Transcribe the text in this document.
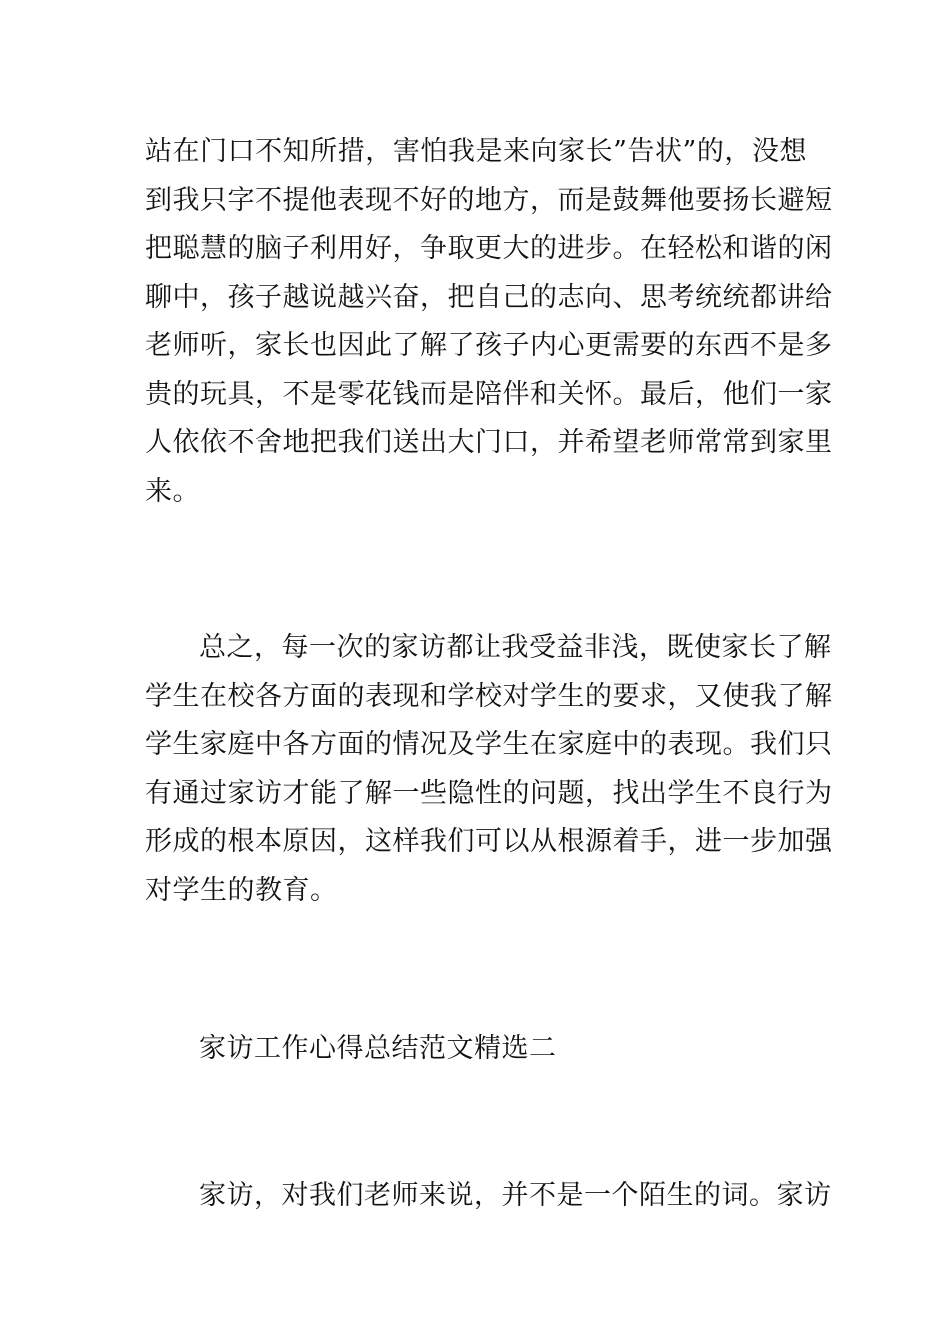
站在门口不知所措，害怕我是来向家长”告状”的，没想
到我只字不提他表现不好的地方，而是鼓舞他要扬长避短
把聪慧的脑子利用好，争取更大的进步。在轻松和谐的闲
聊中，孩子越说越兴奋，把自己的志向、思考统统都讲给
老师听，家长也因此了解了孩子内心更需要的东西不是多
贵的玩具，不是零花钱而是陪伴和关怀。最后，他们一家
人依依不舍地把我们送出大门口，并希望老师常常到家里
来。
总之，每一次的家访都让我受益非浅，既使家长了解
学生在校各方面的表现和学校对学生的要求，又使我了解
学生家庭中各方面的情况及学生在家庭中的表现。我们只
有通过家访才能了解一些隐性的问题，找出学生不良行为
形成的根本原因，这样我们可以从根源着手，进一步加强
对学生的教育。
家访工作心得总结范文精选二
家访，对我们老师来说，并不是一个陌生的词。家访
